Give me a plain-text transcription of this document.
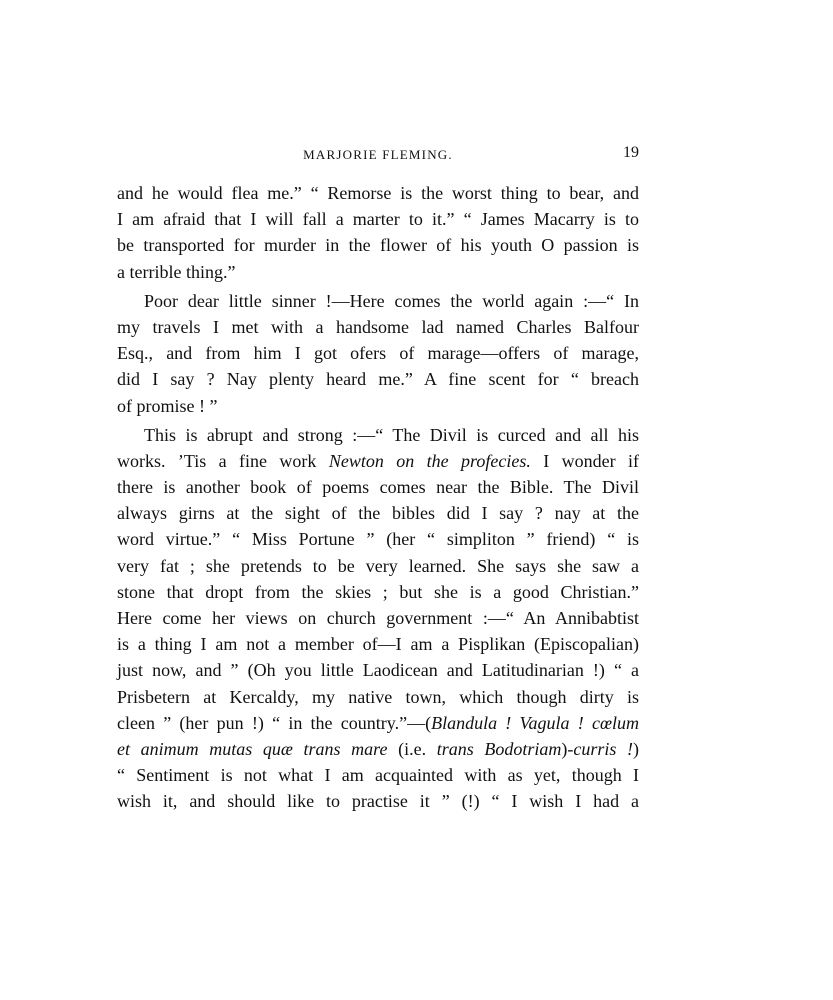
MARJORIE FLEMING.	19
and he would flea me.” “ Remorse is the worst thing to bear, and
I am afraid that I will fall a marter to it.” “ James Macarry is to
be transported for murder in the flower of his youth O passion is
a terrible thing.”
Poor dear little sinner !—Here comes the world again :—“ In
my travels I met with a handsome lad named Charles Balfour
Esq., and from him I got ofers of marage—offers of marage,
did I say ? Nay plenty heard me.” A fine scent for “ breach
of promise ! ”
This is abrupt and strong :—“ The Divil is curced and all his
works. ’Tis a fine work Newton on the profecies. I wonder if
there is another book of poems comes near the Bible. The Divil
always girns at the sight of the bibles did I say ? nay at the
word virtue.” “ Miss Portune ” (her “ simpliton ” friend) “ is
very fat ; she pretends to be very learned. She says she saw a
stone that dropt from the skies ; but she is a good Christian.”
Here come her views on church government :—“ An Annibabtist
is a thing I am not a member of—I am a Pisplikan (Episcopalian)
just now, and ” (Oh you little Laodicean and Latitudinarian !) “ a
Prisbetern at Kercaldy, my native town, which though dirty is
cleen ” (her pun !) “ in the country.”—(Blandula ! Vagula ! cœlum
et animum mutas quæ trans mare (i.e. trans Bodotriam)-curris !)
“ Sentiment is not what I am acquainted with as yet, though I
wish it, and should like to practise it ” (!) “ I wish I had a
